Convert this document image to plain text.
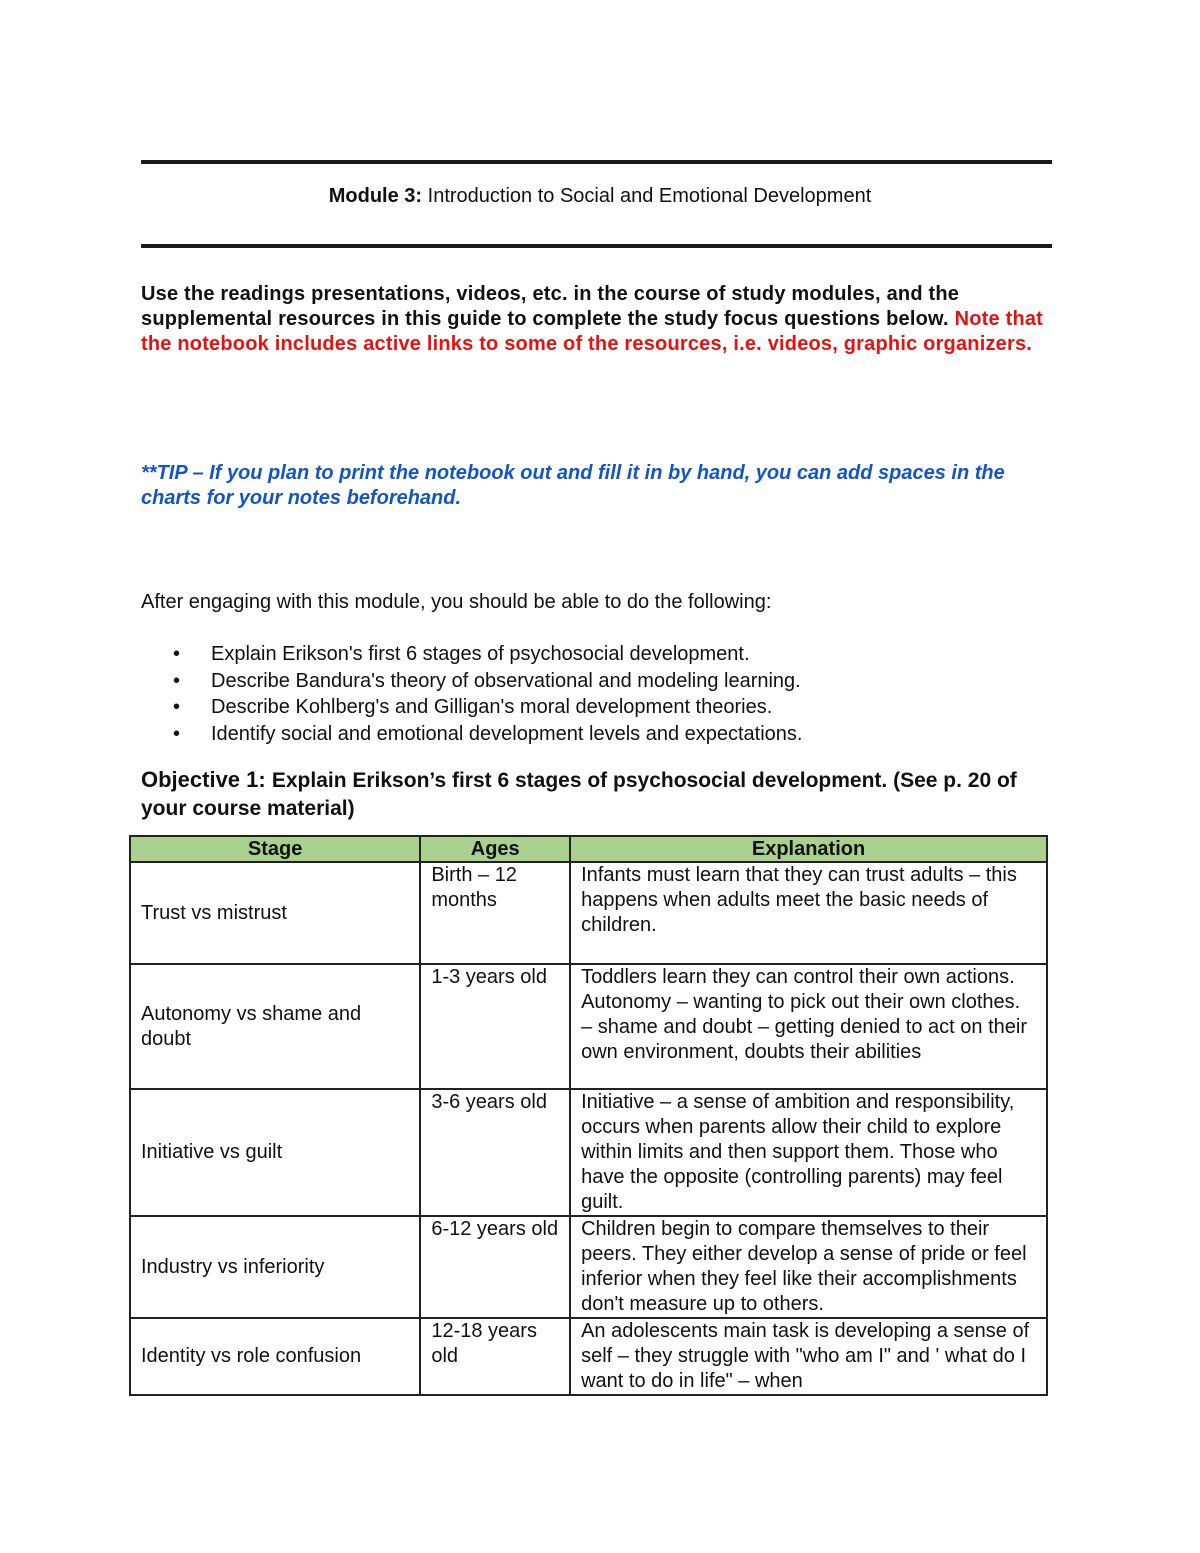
Module 3: Introduction to Social and Emotional Development
Use the readings presentations, videos, etc. in the course of study modules, and the supplemental resources in this guide to complete the study focus questions below. Note that the notebook includes active links to some of the resources, i.e. videos, graphic organizers.
**TIP – If you plan to print the notebook out and fill it in by hand, you can add spaces in the charts for your notes beforehand.
After engaging with this module, you should be able to do the following:
• Explain Erikson's first 6 stages of psychosocial development.
• Describe Bandura's theory of observational and modeling learning.
• Describe Kohlberg's and Gilligan's moral development theories.
• Identify social and emotional development levels and expectations.
Objective 1: Explain Erikson’s first 6 stages of psychosocial development. (See p. 20 of your course material)
Stage	Ages	Explanation
Trust vs mistrust	Birth – 12 months	Infants must learn that they can trust adults – this happens when adults meet the basic needs of children.
Autonomy vs shame and doubt	1-3 years old	Toddlers learn they can control their own actions. Autonomy – wanting to pick out their own clothes. – shame and doubt – getting denied to act on their own environment, doubts their abilities
Initiative vs guilt	3-6 years old	Initiative – a sense of ambition and responsibility, occurs when parents allow their child to explore within limits and then support them. Those who have the opposite (controlling parents) may feel guilt.
Industry vs inferiority	6-12 years old	Children begin to compare themselves to their peers. They either develop a sense of pride or feel inferior when they feel like their accomplishments don't measure up to others.
Identity vs role confusion	12-18 years old	An adolescents main task is developing a sense of self – they struggle with "who am I" and ' what do I want to do in life" – when
